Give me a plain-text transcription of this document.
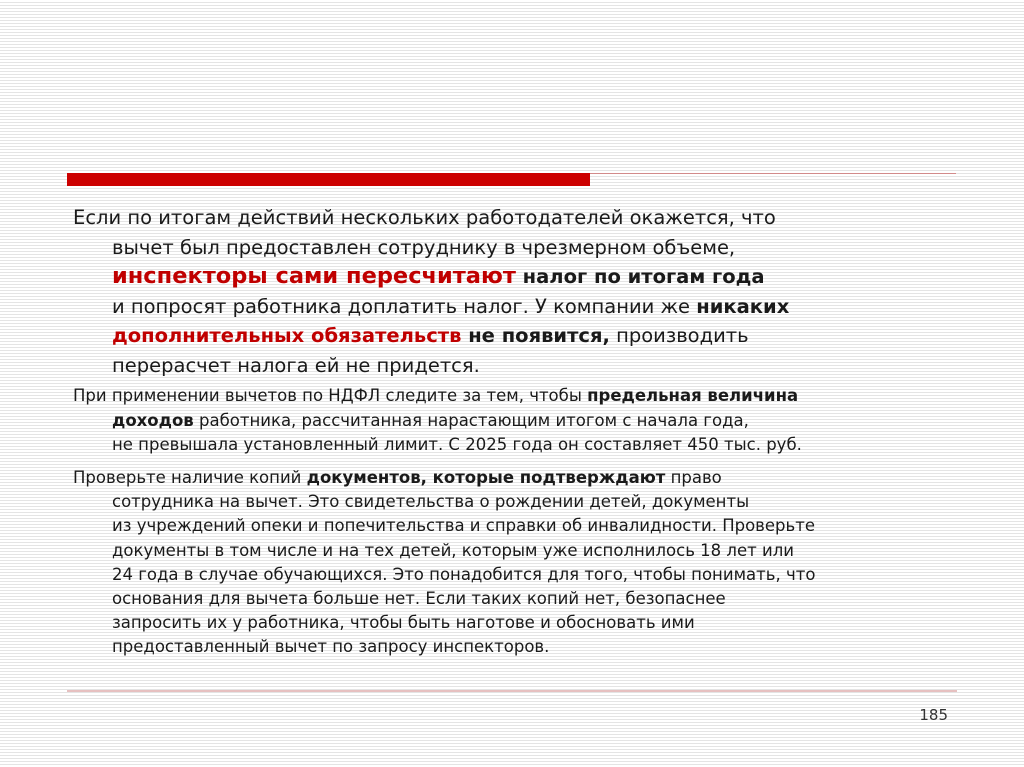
Если по итогам действий нескольких работодателей окажется, что
вычет был предоставлен сотруднику в чрезмерном объеме,
инспекторы сами пересчитают налог по итогам года
и попросят работника доплатить налог. У компании же никаких
дополнительных обязательств не появится, производить
перерасчет налога ей не придется.
При применении вычетов по НДФЛ следите за тем, чтобы предельная величина
доходов работника, рассчитанная нарастающим итогом с начала года,
не превышала установленный лимит. С 2025 года он составляет 450 тыс. руб.
Проверьте наличие копий документов, которые подтверждают право
сотрудника на вычет. Это свидетельства о рождении детей, документы
из учреждений опеки и попечительства и справки об инвалидности. Проверьте
документы в том числе и на тех детей, которым уже исполнилось 18 лет или
24 года в случае обучающихся. Это понадобится для того, чтобы понимать, что
основания для вычета больше нет. Если таких копий нет, безопаснее
запросить их у работника, чтобы быть наготове и обосновать ими
предоставленный вычет по запросу инспекторов.
185
